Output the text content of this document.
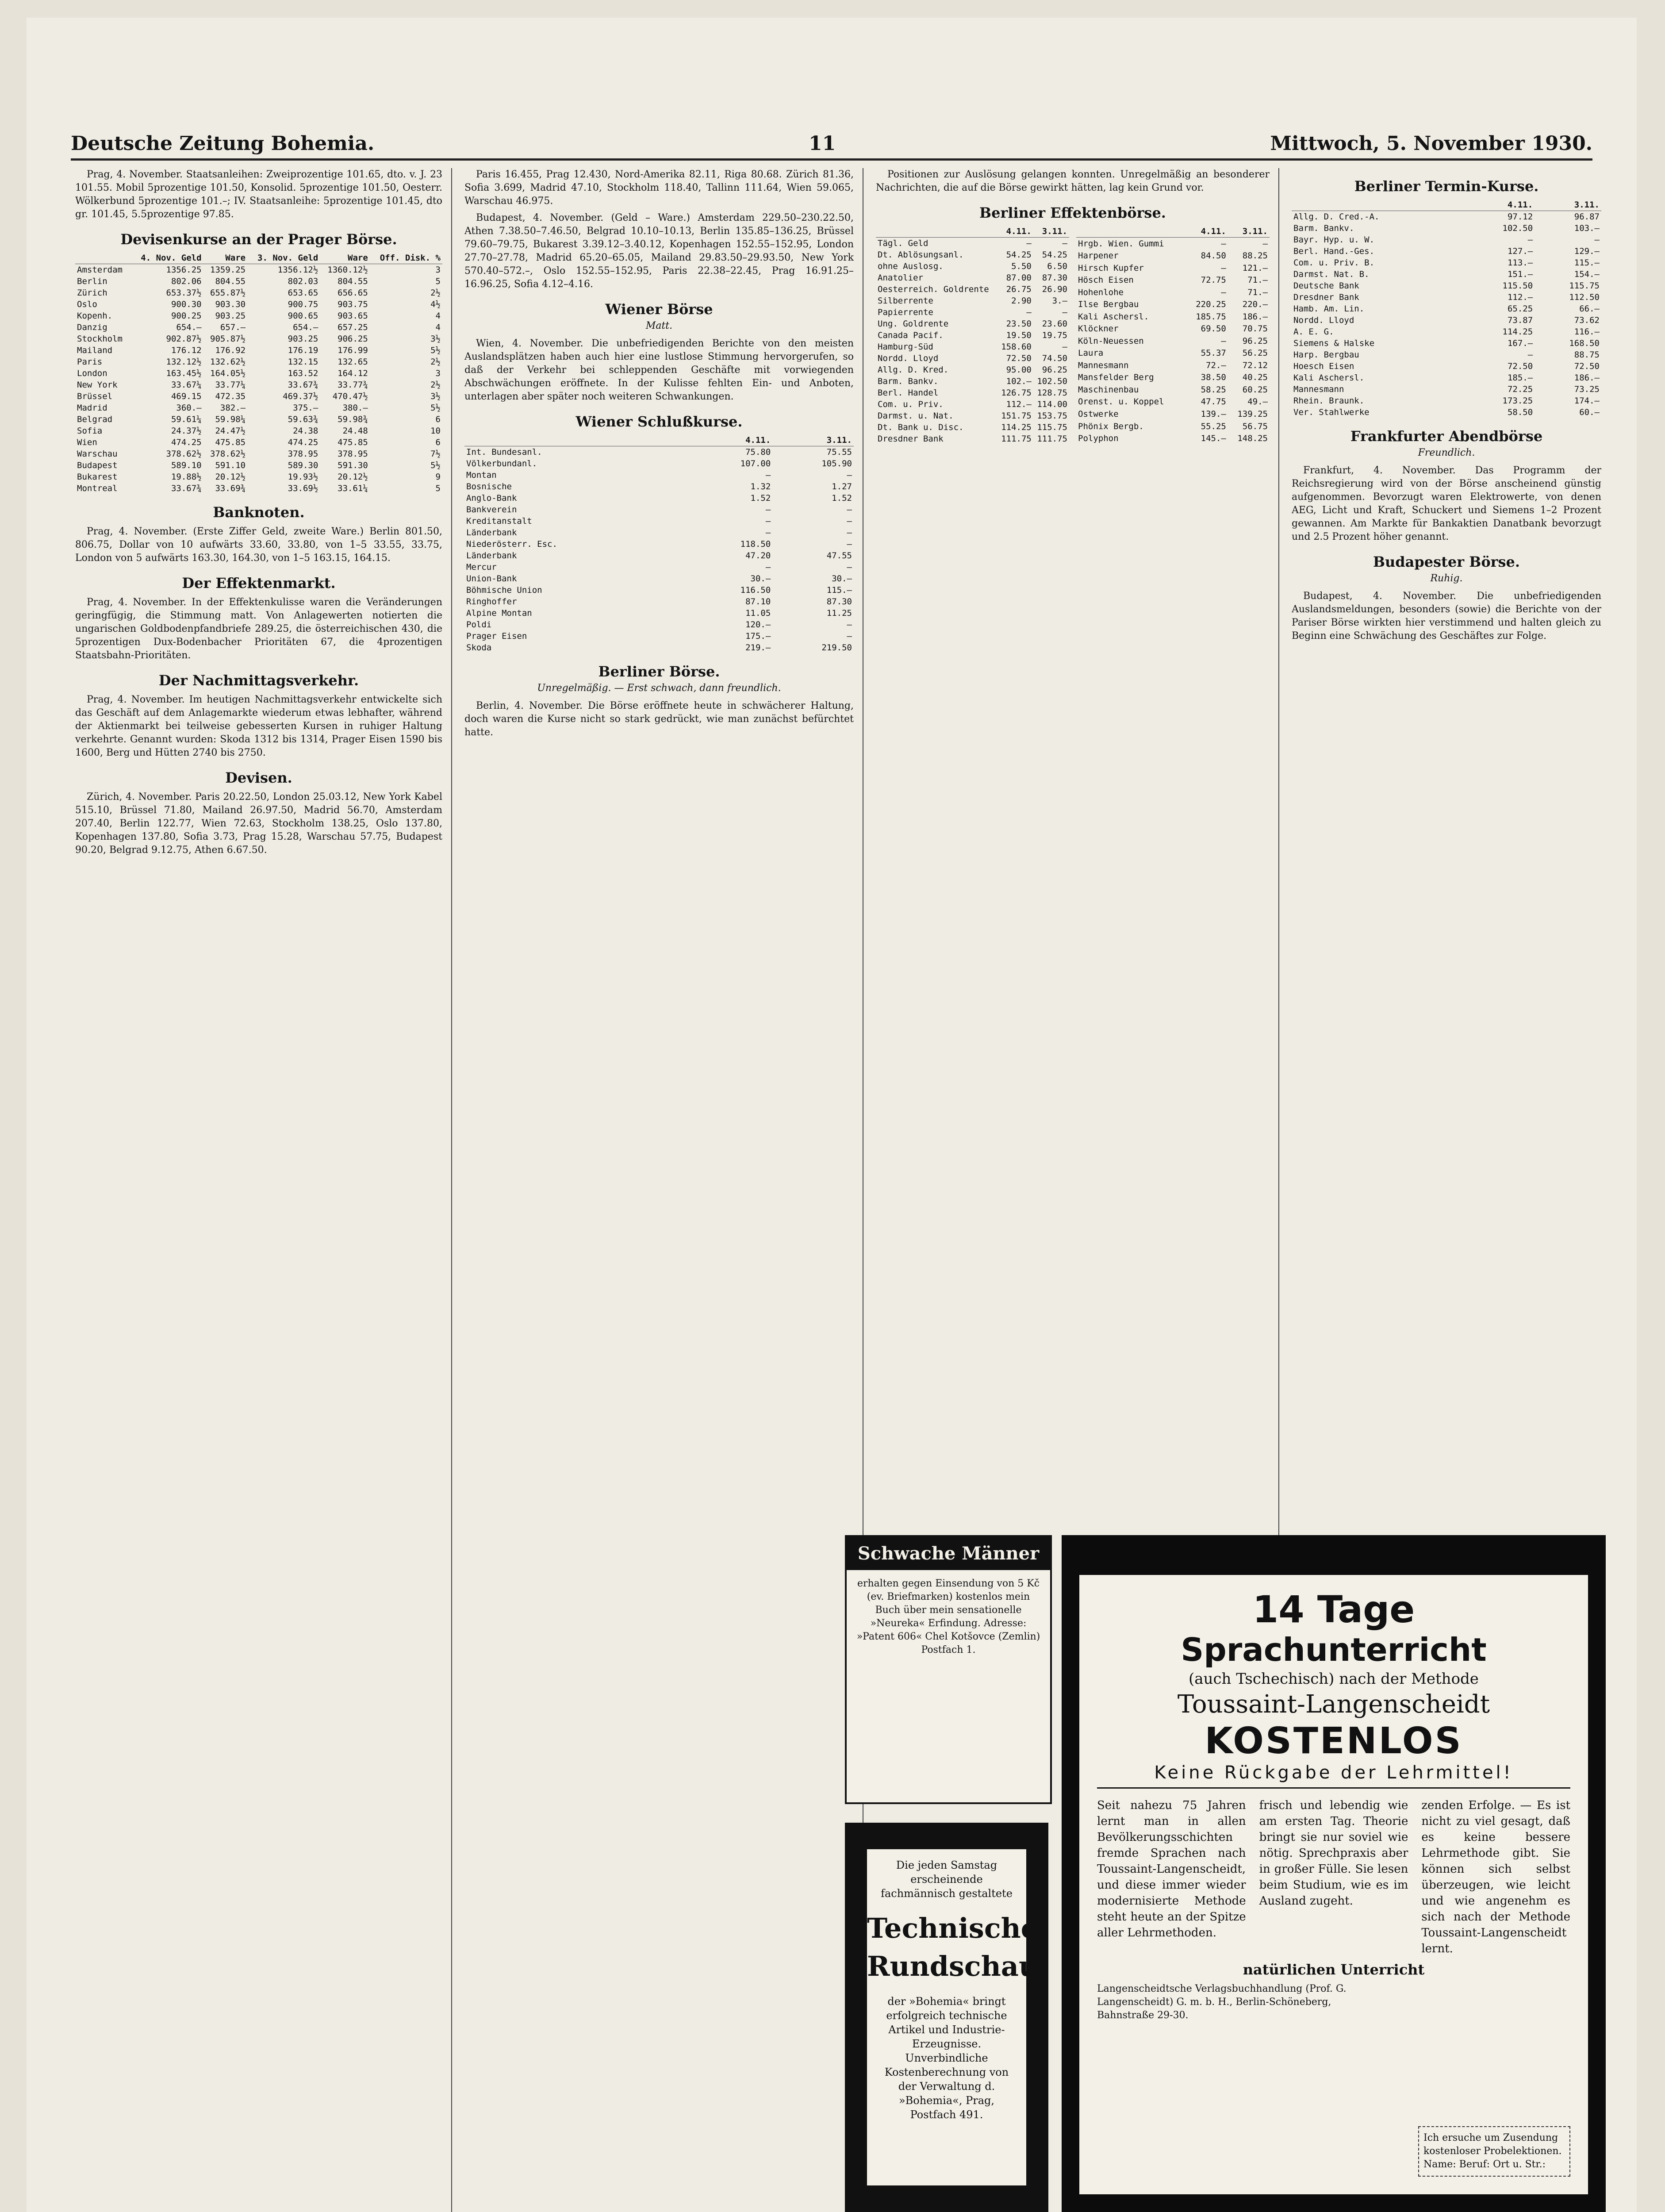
Deutsche Zeitung Bohemia.	11	Mittwoch, 5. November 1930.

Prag, 4. November. Staatsanleihen: Zweiprozentige 101.65, dto. v. J. 23 101.55. Mobil 5prozentige 101.50, Konsolid. 5prozentige 101.50, Oesterr. Wölkerbund 5prozentige 101.–; IV. Staatsanleihe: 5prozentige 101.45, dto gr. 101.45, 5.5prozentige 97.85.

Devisenkurse an der Prager Börse.
	4. Nov. Geld	Ware	3. Nov. Geld	Ware	Off. Disk. %
Amsterdam	1356.25	1359.25	1356.12½	1360.12½	3
Berlin	802.06	804.55	802.03	804.55	5
Zürich	653.37½	655.87½	653.65	656.65	2½
Oslo	900.30	903.30	900.75	903.75	4½
Kopenh.	900.25	903.25	900.65	903.65	4
Danzig	654.–	657.–	654.–	657.25	4
Stockholm	902.87½	905.87½	903.25	906.25	3½
Mailand	176.12	176.92	176.19	176.99	5½
Paris	132.12½	132.62½	132.15	132.65	2½
London	163.45½	164.05½	163.52	164.12	3
New York	33.67¼	33.77¼	33.67¾	33.77¾	2½
Brüssel	469.15	472.35	469.37½	470.47½	3½
Madrid	360.–	382.–	375.–	380.–	5½
Belgrad	59.61¼	59.98¼	59.63¾	59.98¾	6
Sofia	24.37½	24.47½	24.38	24.48	10
Wien	474.25	475.85	474.25	475.85	6
Warschau	378.62½	378.62½	378.95	378.95	7½
Budapest	589.10	591.10	589.30	591.30	5½
Bukarest	19.88½	20.12½	19.93½	20.12½	9
Montreal	33.67¾	33.69¾	33.69½	33.61¼	5
Banknoten.

Prag, 4. November. (Erste Ziffer Geld, zweite Ware.) Berlin 801.50, 806.75, Dollar von 10 aufwärts 33.60, 33.80, von 1–5 33.55, 33.75, London von 5 aufwärts 163.30, 164.30, von 1–5 163.15, 164.15.

Der Effektenmarkt.

Prag, 4. November. In der Effektenkulisse waren die Veränderungen geringfügig, die Stimmung matt. Von Anlagewerten notierten die ungarischen Goldbodenpfandbriefe 289.25, die österreichischen 430, die 5prozentigen Dux-Bodenbacher Prioritäten 67, die 4prozentigen Staatsbahn-Prioritäten.

Der Nachmittagsverkehr.

Prag, 4. November. Im heutigen Nachmittagsverkehr entwickelte sich das Geschäft auf dem Anlagemarkte wiederum etwas lebhafter, während der Aktienmarkt bei teilweise gebesserten Kursen in ruhiger Haltung verkehrte. Genannt wurden: Skoda 1312 bis 1314, Prager Eisen 1590 bis 1600, Berg und Hütten 2740 bis 2750.

Devisen.

Zürich, 4. November. Paris 20.22.50, London 25.03.12, New York Kabel 515.10, Brüssel 71.80, Mailand 26.97.50, Madrid 56.70, Amsterdam 207.40, Berlin 122.77, Wien 72.63, Stockholm 138.25, Oslo 137.80, Kopenhagen 137.80, Sofia 3.73, Prag 15.28, Warschau 57.75, Budapest 90.20, Belgrad 9.12.75, Athen 6.67.50.

Paris 16.455, Prag 12.430, Nord-Amerika 82.11, Riga 80.68. Zürich 81.36, Sofia 3.699, Madrid 47.10, Stockholm 118.40, Tallinn 111.64, Wien 59.065, Warschau 46.975.

Budapest, 4. November. (Geld – Ware.) Amsterdam 229.50–230.22.50, Athen 7.38.50–7.46.50, Belgrad 10.10–10.13, Berlin 135.85–136.25, Brüssel 79.60–79.75, Bukarest 3.39.12–3.40.12, Kopenhagen 152.55–152.95, London 27.70–27.78, Madrid 65.20–65.05, Mailand 29.83.50–29.93.50, New York 570.40–572.–, Oslo 152.55–152.95, Paris 22.38–22.45, Prag 16.91.25–16.96.25, Sofia 4.12–4.16.

Wiener Börse
Matt.

Wien, 4. November. Die unbefriedigenden Berichte von den meisten Auslandsplätzen haben auch hier eine lustlose Stimmung hervorgerufen, so daß der Verkehr bei schleppenden Geschäfte mit vorwiegenden Abschwächungen eröffnete. In der Kulisse fehlten Ein- und Anboten, unterlagen aber später noch weiteren Schwankungen.

Wiener Schlußkurse.
	4.11.	3.11.
Int. Bundesanl.	75.80	75.55
Völkerbundanl.	107.00	105.90
Montan	—	—
Bosnische	1.32	1.27
Anglo-Bank	1.52	1.52
Bankverein	—	—
Kreditanstalt	—	—
Länderbank	—	—
Niederösterr. Esc.	118.50	—
Länderbank	47.20	47.55
Mercur	—	—
Union-Bank	30.–	30.–
Böhmische Union	116.50	115.–
Ringhoffer	87.10	87.30
Alpine Montan	11.05	11.25
Poldi	120.–	—
Prager Eisen	175.–	—
Skoda	219.–	219.50
Berliner Börse.
Unregelmäßig. — Erst schwach, dann freundlich.

Berlin, 4. November. Die Börse eröffnete heute in schwächerer Haltung, doch waren die Kurse nicht so stark gedrückt, wie man zunächst befürchtet hatte.

Positionen zur Auslösung gelangen konnten. Unregelmäßig an besonderer Nachrichten, die auf die Börse gewirkt hätten, lag kein Grund vor.

Berliner Effektenbörse.
	4.11.	3.11.
Tägl. Geld	—	—
Dt. Ablösungsanl.	54.25	54.25
ohne Auslosg.	5.50	6.50
Anatolier	87.00	87.30
Oesterreich. Goldrente	26.75	26.90
Silberrente	2.90	3.–
Papierrente	—	—
Ung. Goldrente	23.50	23.60
Canada Pacif.	19.50	19.75
Hamburg-Süd	158.60	—
Nordd. Lloyd	72.50	74.50
Allg. D. Kred.	95.00	96.25
Barm. Bankv.	102.–	102.50
Berl. Handel	126.75	128.75
Com. u. Priv.	112.–	114.00
Darmst. u. Nat.	151.75	153.75
Dt. Bank u. Disc.	114.25	115.75
Dresdner Bank	111.75	111.75
	4.11.	3.11.
Hrgb. Wien. Gummi	—	—
Harpener	84.50	88.25
Hirsch Kupfer	—	121.–
Hösch Eisen	72.75	71.–
Hohenlohe	—	71.–
Ilse Bergbau	220.25	220.–
Kali Aschersl.	185.75	186.–
Klöckner	69.50	70.75
Köln-Neuessen	—	96.25
Laura	55.37	56.25
Mannesmann	72.–	72.12
Mansfelder Berg	38.50	40.25
Maschinenbau	58.25	60.25
Orenst. u. Koppel	47.75	49.–
Ostwerke	139.–	139.25
Phönix Bergb.	55.25	56.75
Polyphon	145.–	148.25
Berliner Termin-Kurse.
	4.11.	3.11.
Allg. D. Cred.-A.	97.12	96.87
Barm. Bankv.	102.50	103.–
Bayr. Hyp. u. W.	—	—
Berl. Hand.-Ges.	127.–	129.–
Com. u. Priv. B.	113.–	115.–
Darmst. Nat. B.	151.–	154.–
Deutsche Bank	115.50	115.75
Dresdner Bank	112.–	112.50
Hamb. Am. Lin.	65.25	66.–
Nordd. Lloyd	73.87	73.62
A. E. G.	114.25	116.–
Siemens & Halske	167.–	168.50
Harp. Bergbau	—	88.75
Hoesch Eisen	72.50	72.50
Kali Aschersl.	185.–	186.–
Mannesmann	72.25	73.25
Rhein. Braunk.	173.25	174.–
Ver. Stahlwerke	58.50	60.–
Frankfurter Abendbörse
Freundlich.

Frankfurt, 4. November. Das Programm der Reichsregierung wird von der Börse anscheinend günstig aufgenommen. Bevorzugt waren Elektrowerte, von denen AEG, Licht und Kraft, Schuckert und Siemens 1–2 Prozent gewannen. Am Markte für Bankaktien Danatbank bevorzugt und 2.5 Prozent höher genannt.

Budapester Börse.
Ruhig.

Budapest, 4. November. Die unbefriedigenden Auslandsmeldungen, besonders (sowie) die Berichte von der Pariser Börse wirkten hier verstimmend und halten gleich zu Beginn eine Schwächung des Geschäftes zur Folge.

Schwache Männer
erhalten gegen Einsendung von 5 Kč (ev. Briefmarken) kostenlos mein Buch über mein sensationelle »Neureka« Erfindung. Adresse: »Patent 606« Chel Kotšovce (Zemlin) Postfach 1.
Die jeden Samstag erscheinende fachmännisch gestaltete
Technische Rundschau
der »Bohemia« bringt erfolgreich technische Artikel und Industrie-Erzeugnisse. Unverbindliche Kostenberechnung von der Verwaltung d. »Bohemia«, Prag, Postfach 491.
14 Tage
Sprachunterricht
(auch Tschechisch) nach der Methode
Toussaint-Langenscheidt
KOSTENLOS
Keine Rückgabe der Lehrmittel!
Seit nahezu 75 Jahren lernt man in allen Bevölkerungsschichten fremde Sprachen nach Toussaint-Langenscheidt, und diese immer wieder modernisierte Methode steht heute an der Spitze aller Lehrmethoden.
frisch und lebendig wie am ersten Tag. Theorie bringt sie nur soviel wie nötig. Sprechpraxis aber in großer Fülle. Sie lesen beim Studium, wie es im Ausland zugeht.
zenden Erfolge. — Es ist nicht zu viel gesagt, daß es keine bessere Lehrmethode gibt. Sie können sich selbst überzeugen, wie leicht und wie angenehm es sich nach der Methode Toussaint-Langenscheidt lernt.
natürlichen Unterricht
Langenscheidtsche Verlagsbuchhandlung (Prof. G. Langenscheidt) G. m. b. H., Berlin-Schöneberg, Bahnstraße 29-30.
Ich ersuche um Zusendung kostenloser Probelektionen. Name: Beruf: Ort u. Str.:
